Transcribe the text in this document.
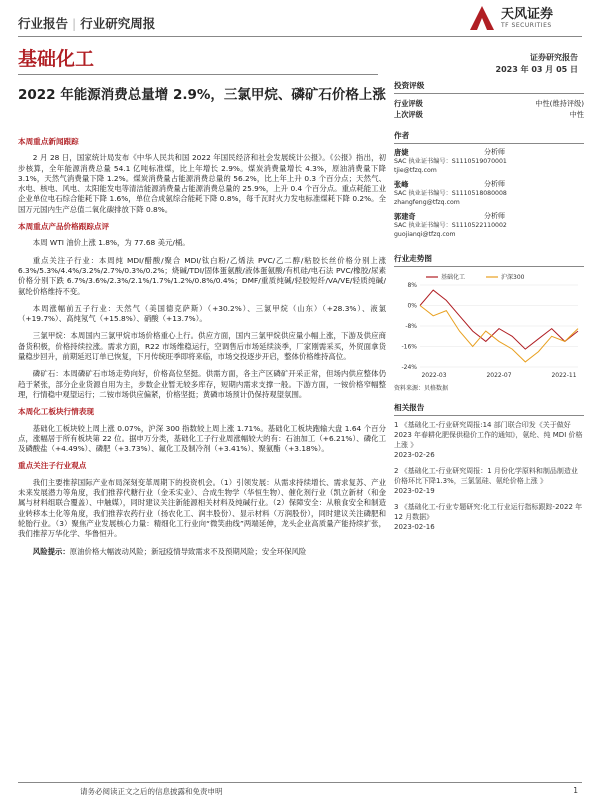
行业报告 | 行业研究周报
天风证券
TF SECURITIES
基础化工	证券研究报告
2023 年 03 月 05 日
2022 年能源消费总量增 2.9%，三氯甲烷、磷矿石价格上涨
本周重点新闻跟踪

2 月 28 日，国家统计局发布《中华人民共和国 2022 年国民经济和社会发展统计公报》。《公报》指出，初步核算，全年能源消费总量 54.1 亿吨标准煤，比上年增长 2.9%。煤炭消费量增长 4.3%，原油消费量下降 3.1%，天然气消费量下降 1.2%。煤炭消费量占能源消费总量的 56.2%，比上年上升 0.3 个百分点；天然气、水电、核电、风电、太阳能发电等清洁能源消费量占能源消费总量的 25.9%，上升 0.4 个百分点。重点耗能工业企业单位电石综合能耗下降 1.6%，单位合成氨综合能耗下降 0.8%，每千瓦时火力发电标准煤耗下降 0.2%。全国万元国内生产总值二氧化碳排放下降 0.8%。

本周重点产品价格跟踪点评

本周 WTI 油价上涨 1.8%，为 77.68 美元/桶。

重点关注子行业：本周纯 MDI/醋酸/聚合 MDI/钛白粉/乙烯法 PVC/乙二醇/粘胶长丝价格分别上涨 6.3%/5.3%/4.4%/3.2%/2.7%/0.3%/0.2%；烧碱/TDI/固体蛋氨酸/液体蛋氨酸/有机硅/电石法 PVC/橡胶/尿素价格分别下跌 6.7%/3.6%/2.3%/2.1%/1.7%/1.2%/0.8%/0.4%；DMF/重质纯碱/轻胶短纤/VA/VE/轻质纯碱/氨纶价格维持不变。

本周涨幅前五子行业：天然气（美国德克萨斯）（+30.2%）、三氯甲烷（山东）（+28.3%）、液氯（+19.7%）、高纯氖气（+15.8%）、硝酸（+13.7%）。

三氯甲烷：本周国内三氯甲烷市场价格重心上行。供应方面，国内三氯甲烷供应量小幅上涨，下游及供应商备货积极，价格持续拉涨。需求方面，R22 市场维稳运行，空调售后市场延续淡季，厂家刚需采买，外贸面拿货量稳步回升，前期延迟订单已恢复，下月传统旺季即将来临，市场交投逐步开启，整体价格维持高位。

磷矿石：本周磷矿石市场走势向好，价格高位坚挺。供需方面，各主产区磷矿开采正常，但场内供应整体仍趋于紧张，部分企业货源自用为主，步数企业暂无较多库存，短期内需求支撑一般。下游方面，一铵价格窄幅整理，行情稳中观望运行；二铵市场供应偏紧，价格坚挺；黄磷市场预计仍保持观望氛围。

本周化工板块行情表现

基础化工板块较上周上涨 0.07%，沪深 300 指数较上周上涨 1.71%。基础化工板块跑输大盘 1.64 个百分点，涨幅居于所有板块第 22 位。据申万分类，基础化工子行业周涨幅较大的有：石油加工（+6.21%）、磷化工及磷酸盐（+4.49%）、磷肥（+3.73%）、氟化工及制冷剂（+3.41%）、聚氨酯（+3.18%）。

重点关注子行业观点

我们主要推荐国际产业布局深刻变革周期下的投资机会。（1）引领发展：从需求持续增长、需求复苏、产业未来发展潜力等角度，我们推荐代糖行业（金禾实业）、合成生物学（华恒生物）、催化剂行业（凯立新材（和金属与材料组联合覆盖）、中触媒），同时建议关注新能源相关材料及纯碱行业。（2）保障安全：从粮食安全和制造业转移本土化等角度，我们推荐农药行业（扬农化工、润丰股份）、显示材料（万润股份），同时建议关注磷肥和轮胎行业。（3）聚焦产业发展核心力量：精细化工行业向“微笑曲线”两端延伸，龙头企业高质量产能持续扩张，我们推荐万华化学、华鲁恒升。

风险提示：原油价格大幅波动风险；新冠疫情导致需求不及预期风险；安全环保风险

投资评级
行业评级	中性(维持评级)
上次评级	中性
作者
唐婕	分析师
SAC 执业证书编号：S1110519070001
tjie@tfzq.com
张峰	分析师
SAC 执业证书编号：S1110518080008
zhangfeng@tfzq.com
郭建奇	分析师
SAC 执业证书编号：S1110522110002
guojianqi@tfzq.com
行业走势图
8%
0%
-8%
-16%
-24%
2022-03	2022-07	2022-11
基础化工	沪深300
资料来源：贝格数据
相关报告
1 《基础化工-行业研究周报:14 部门联合印发《关于做好 2023 年春耕化肥保供稳价工作的通知》，氨纶、纯 MDI 价格上涨 》
2023-02-26
2 《基础化工-行业研究周报：1 月份化学原料和制品制造业价格环比下降1.3%，三氯氢硅、氨纶价格上涨 》
2023-02-19
3 《基础化工-行业专题研究:化工行业运行指标跟踪-2022 年 12 月数据》
2023-02-16
请务必阅读正文之后的信息披露和免责申明	1
